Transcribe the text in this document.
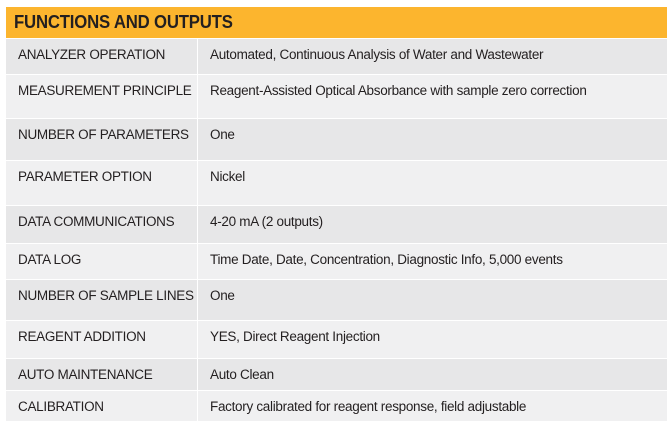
FUNCTIONS AND OUTPUTS
ANALYZER OPERATION	Automated, Continuous Analysis of Water and Wastewater
MEASUREMENT PRINCIPLE	Reagent-Assisted Optical Absorbance with sample zero correction
NUMBER OF PARAMETERS	One
PARAMETER OPTION	Nickel
DATA COMMUNICATIONS	4-20 mA (2 outputs)
DATA LOG	Time Date, Date, Concentration, Diagnostic Info, 5,000 events
NUMBER OF SAMPLE LINES	One
REAGENT ADDITION	YES, Direct Reagent Injection
AUTO MAINTENANCE	Auto Clean
CALIBRATION	Factory calibrated for reagent response, field adjustable
